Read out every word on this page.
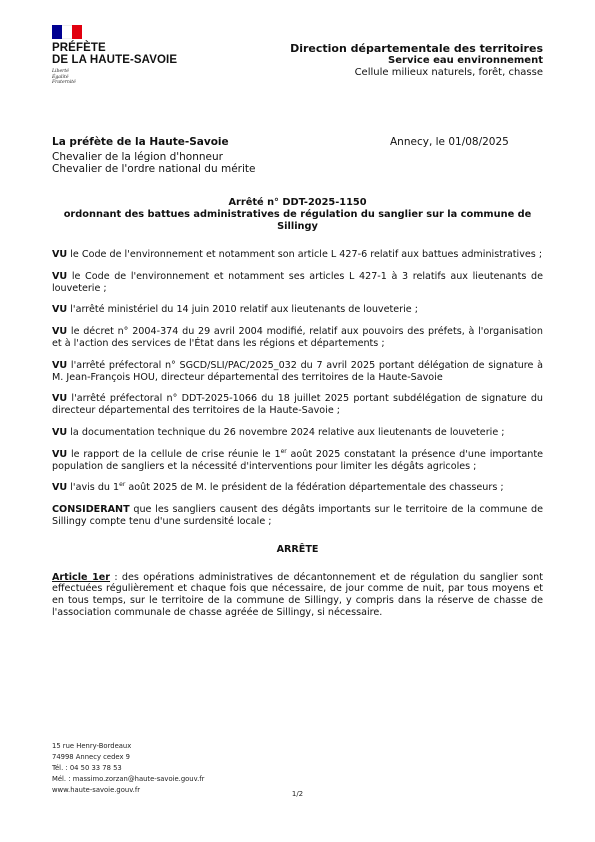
PRÉFÈTE
DE LA HAUTE-SAVOIE
Liberté
Égalité
Fraternité
Direction départementale des territoires
Service eau environnement
Cellule milieux naturels, forêt, chasse
La préfète de la Haute-Savoie
Chevalier de la légion d'honneur
Chevalier de l'ordre national du mérite
Annecy, le 01/08/2025
Arrêté n° DDT-2025-1150
ordonnant des battues administratives de régulation du sanglier sur la commune de Sillingy

VU le Code de l'environnement et notamment son article L 427-6 relatif aux battues administratives ;

VU le Code de l'environnement et notamment ses articles L 427-1 à 3 relatifs aux lieutenants de louveterie ;

VU l'arrêté ministériel du 14 juin 2010 relatif aux lieutenants de louveterie ;

VU le décret n° 2004-374 du 29 avril 2004 modifié, relatif aux pouvoirs des préfets, à l'organisation et à l'action des services de l'État dans les régions et départements ;

VU l'arrêté préfectoral n° SGCD/SLI/PAC/2025_032 du 7 avril 2025 portant délégation de signature à M. Jean-François HOU, directeur départemental des territoires de la Haute-Savoie

VU l'arrêté préfectoral n° DDT-2025-1066 du 18 juillet 2025 portant subdélégation de signature du directeur départemental des territoires de la Haute-Savoie ;

VU la documentation technique du 26 novembre 2024 relative aux lieutenants de louveterie ;

VU le rapport de la cellule de crise réunie le 1er août 2025 constatant la présence d'une importante population de sangliers et la nécessité d'interventions pour limiter les dégâts agricoles ;

VU l'avis du 1er août 2025 de M. le président de la fédération départementale des chasseurs ;

CONSIDERANT que les sangliers causent des dégâts importants sur le territoire de la commune de Sillingy compte tenu d'une surdensité locale ;

ARRÊTE

Article 1er : des opérations administratives de décantonnement et de régulation du sanglier sont effectuées régulièrement et chaque fois que nécessaire, de jour comme de nuit, par tous moyens et en tous temps, sur le territoire de la commune de Sillingy, y compris dans la réserve de chasse de l'association communale de chasse agréée de Sillingy, si nécessaire.

15 rue Henry-Bordeaux
74998 Annecy cedex 9
Tél. : 04 50 33 78 53
Mél. : massimo.zorzan@haute-savoie.gouv.fr
www.haute-savoie.gouv.fr	1/2
